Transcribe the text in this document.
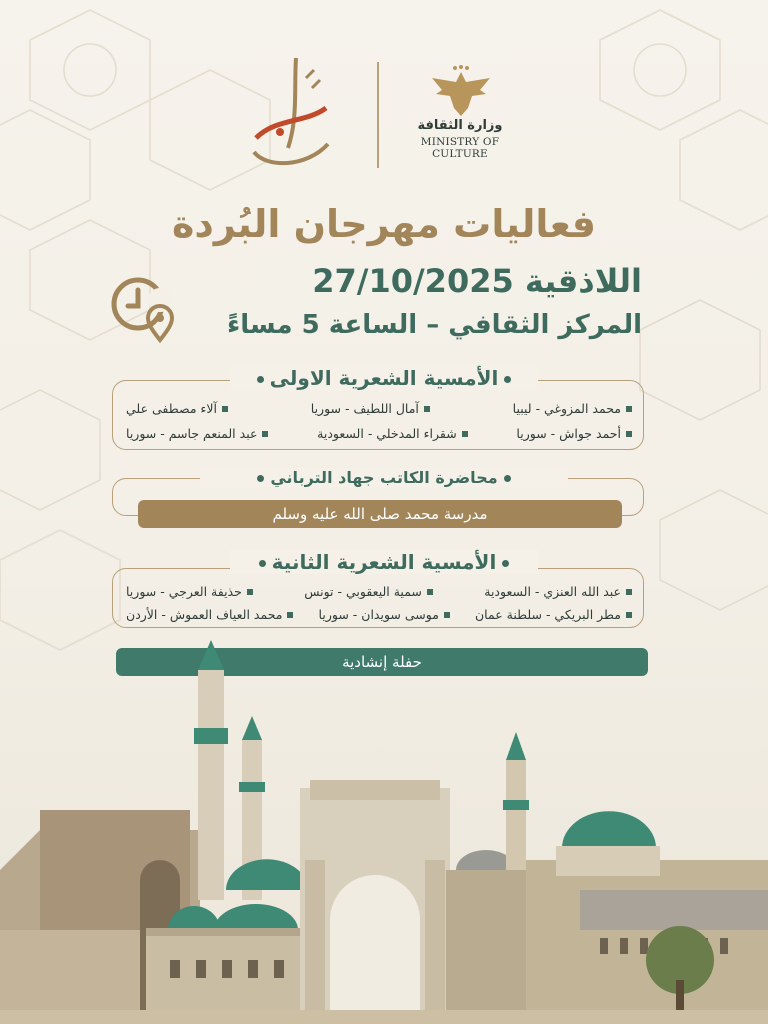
وزارة الثقافة
MINISTRY OF CULTURE
فعاليات مهرجان البُردة
اللاذقية 27/10/2025
المركز الثقافي – الساعة 5 مساءً
الأمسية الشعرية الاولى
محمد المزوغي - ليبيا
آمال اللطيف - سوريا
آلاء مصطفى علي
أحمد جواش - سوريا
شقراء المدخلي - السعودية
عبد المنعم جاسم - سوريا
محاضرة الكاتب جهاد الترباني
مدرسة محمد صلى الله عليه وسلم
الأمسية الشعرية الثانية
عبد الله العنزي - السعودية
سمية اليعقوبي - تونس
حذيفة العرجي - سوريا
مطر البريكي - سلطنة عمان
موسى سويدان - سوريا
محمد العياف العموش - الأردن
حفلة إنشادية
